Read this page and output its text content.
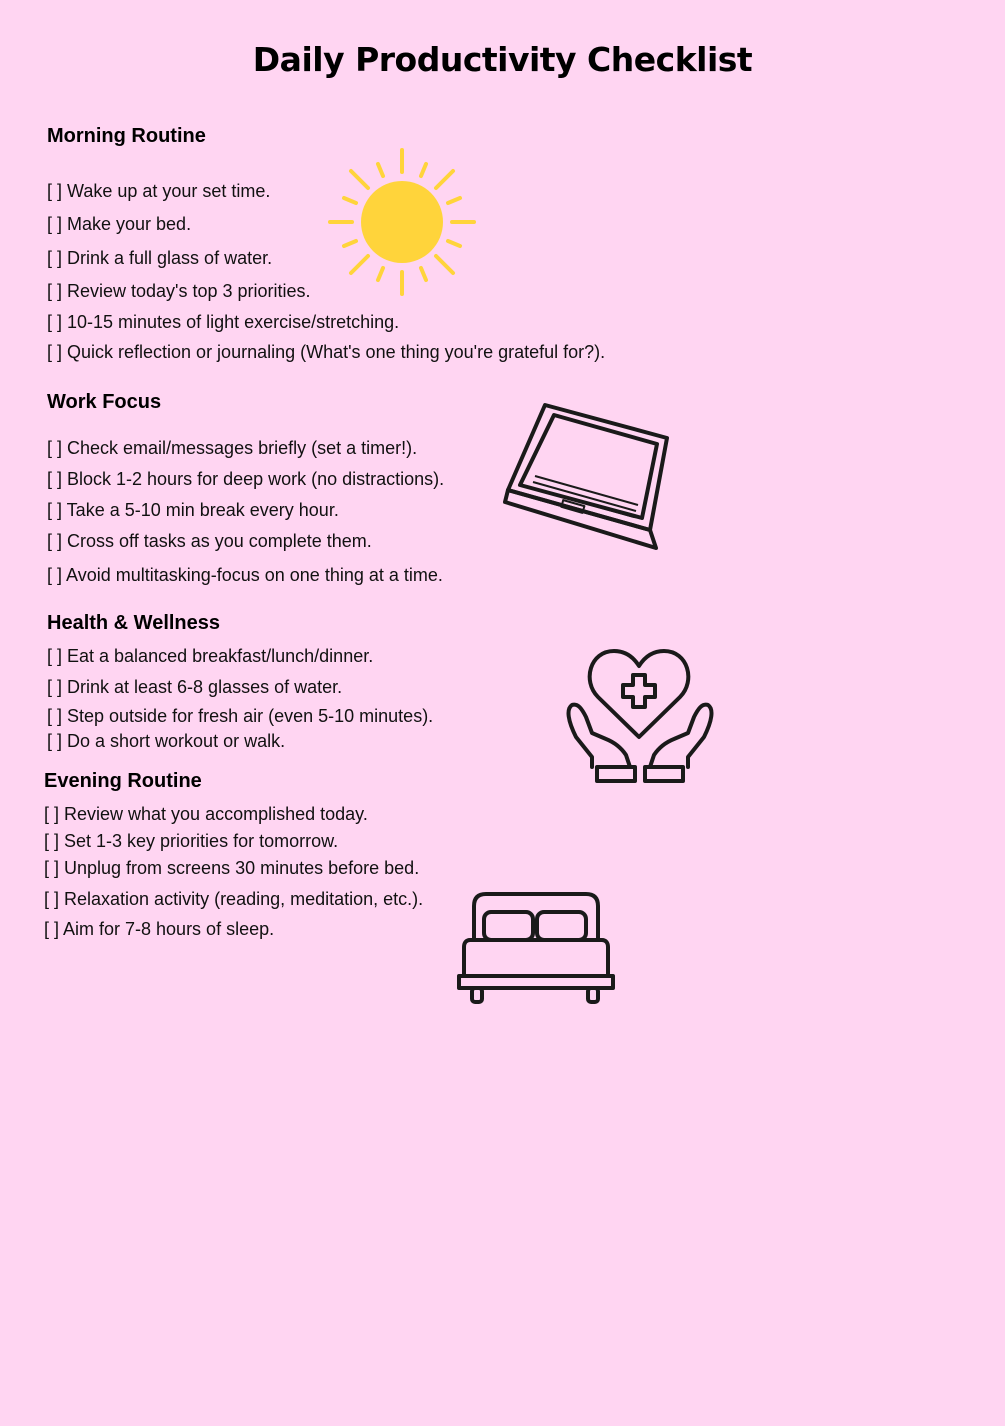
Daily Productivity Checklist
Morning Routine
[ ] Wake up at your set time.
[ ] Make your bed.
[ ] Drink a full glass of water.
[ ] Review today's top 3 priorities.
[ ] 10-15 minutes of light exercise/stretching.
[ ] Quick reflection or journaling (What's one thing you're grateful for?).
Work Focus
[ ] Check email/messages briefly (set a timer!).
[ ] Block 1-2 hours for deep work (no distractions).
[ ] Take a 5-10 min break every hour.
[ ] Cross off tasks as you complete them.
[ ] Avoid multitasking-focus on one thing at a time.
Health & Wellness
[ ] Eat a balanced breakfast/lunch/dinner.
[ ] Drink at least 6-8 glasses of water.
[ ] Step outside for fresh air (even 5-10 minutes).
[ ] Do a short workout or walk.
Evening Routine
[ ] Review what you accomplished today.
[ ] Set 1-3 key priorities for tomorrow.
[ ] Unplug from screens 30 minutes before bed.
[ ] Relaxation activity (reading, meditation, etc.).
[ ] Aim for 7-8 hours of sleep.
